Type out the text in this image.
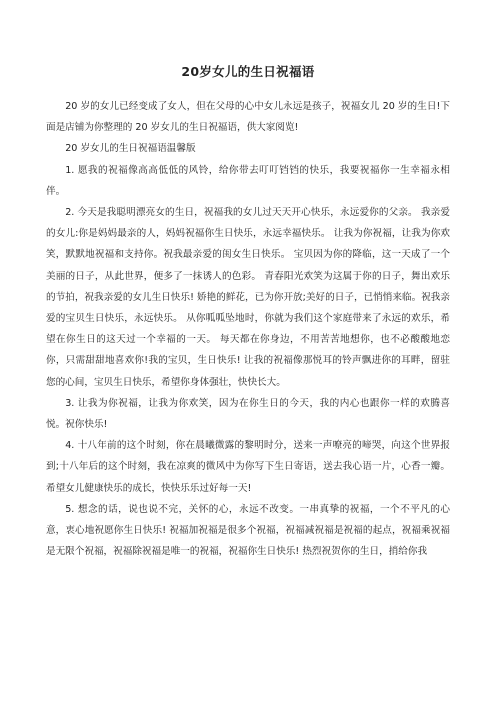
20岁女儿的生日祝福语

20 岁的女儿已经变成了女人，但在父母的心中女儿永远是孩子，祝福女儿 20 岁的生日!下面是店铺为你整理的 20 岁女儿的生日祝福语，供大家阅览!

20 岁女儿的生日祝福语温馨版

1. 愿我的祝福像高高低低的风铃，给你带去叮叮铛铛的快乐，我要祝福你一生幸福永相伴。

2. 今天是我聪明漂亮女的生日，祝福我的女儿过天天开心快乐，永远爱你的父亲。 我亲爱的女儿:你是妈妈最亲的人，妈妈祝福你生日快乐，永远幸福快乐。 让我为你祝福，让我为你欢笑，默默地祝福和支持你。祝我最亲爱的闺女生日快乐。 宝贝因为你的降临，这一天成了一个美丽的日子，从此世界，便多了一抹诱人的色彩。 青春阳光欢笑为这属于你的日子，舞出欢乐的节拍，祝我亲爱的女儿生日快乐! 娇艳的鲜花，已为你开放;美好的日子，已悄悄来临。祝我亲爱的宝贝生日快乐，永远快乐。 从你呱呱坠地时，你就为我们这个家庭带来了永远的欢乐，希望在你生日的这天过一个幸福的一天。 每天都在你身边，不用苦苦地想你，也不必酸酸地恋你，只需甜甜地喜欢你!我的宝贝，生日快乐! 让我的祝福像那悦耳的铃声飘进你的耳畔，留驻您的心间，宝贝生日快乐，希望你身体强壮，快快长大。

3. 让我为你祝福，让我为你欢笑，因为在你生日的今天，我的内心也跟你一样的欢腾喜悦。祝你快乐!

4. 十八年前的这个时刻，你在晨曦微露的黎明时分，送来一声嘹亮的啼哭，向这个世界报到;十八年后的这个时刻，我在凉爽的微风中为你写下生日寄语，送去我心语一片，心香一瓣。 希望女儿健康快乐的成长，快快乐乐过好每一天!

5. 想念的话，说也说不完，关怀的心，永远不改变。一串真挚的祝福，一个不平凡的心意，衷心地祝愿你生日快乐! 祝福加祝福是很多个祝福，祝福减祝福是祝福的起点，祝福乘祝福是无限个祝福，祝福除祝福是唯一的祝福，祝福你生日快乐! 热烈祝贺你的生日，捎给你我
